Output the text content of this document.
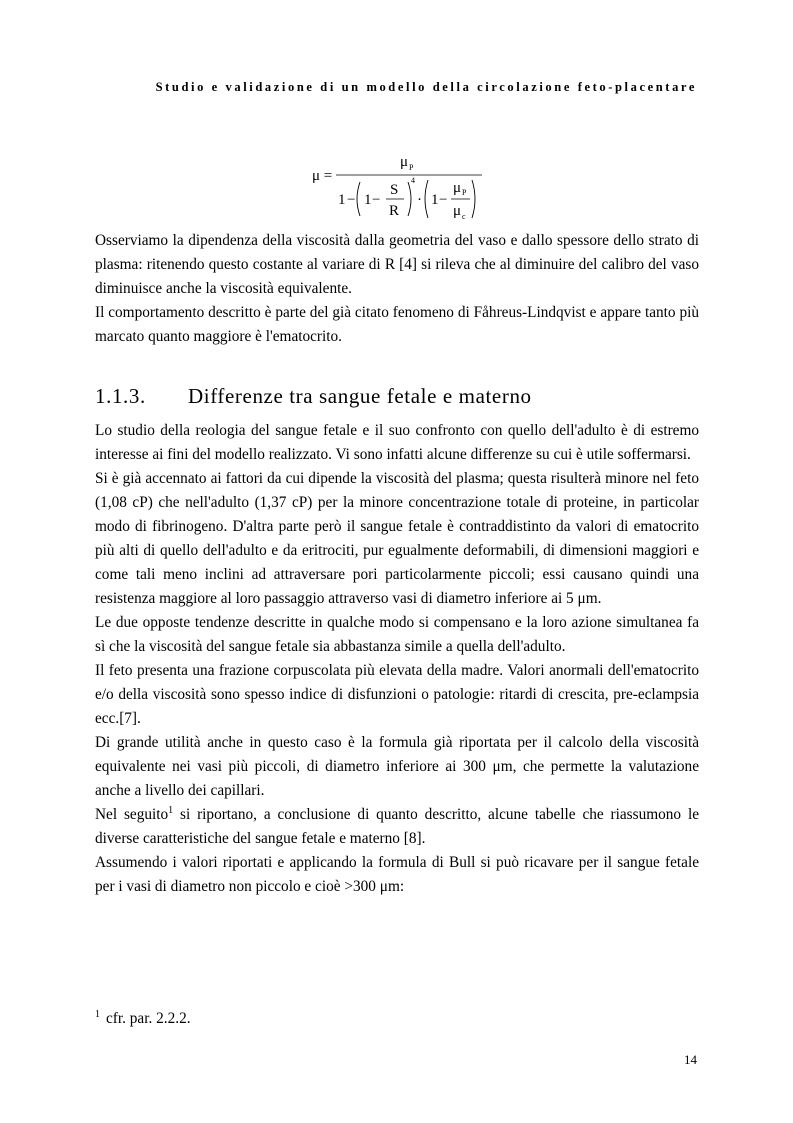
Studio e validazione di un modello della circolazione feto-placentare
μ =
μ P
1 − 1 −
S
R
4
· 1 −
μ P
μ c

Osserviamo la dipendenza della viscosità dalla geometria del vaso e dallo spessore dello strato di plasma: ritenendo questo costante al variare di R [4] si rileva che al diminuire del calibro del vaso diminuisce anche la viscosità equivalente.

Il comportamento descritto è parte del già citato fenomeno di Fåhreus-Lindqvist e appare tanto più marcato quanto maggiore è l'ematocrito.

1.1.3. Differenze tra sangue fetale e materno

Lo studio della reologia del sangue fetale e il suo confronto con quello dell'adulto è di estremo interesse ai fini del modello realizzato. Vi sono infatti alcune differenze su cui è utile soffermarsi.

Si è già accennato ai fattori da cui dipende la viscosità del plasma; questa risulterà minore nel feto (1,08 cP) che nell'adulto (1,37 cP) per la minore concentrazione totale di proteine, in particolar modo di fibrinogeno. D'altra parte però il sangue fetale è contraddistinto da valori di ematocrito più alti di quello dell'adulto e da eritrociti, pur egualmente deformabili, di dimensioni maggiori e come tali meno inclini ad attraversare pori particolarmente piccoli; essi causano quindi una resistenza maggiore al loro passaggio attraverso vasi di diametro inferiore ai 5 μm.

Le due opposte tendenze descritte in qualche modo si compensano e la loro azione simultanea fa sì che la viscosità del sangue fetale sia abbastanza simile a quella dell'adulto.

Il feto presenta una frazione corpuscolata più elevata della madre. Valori anormali dell'ematocrito e/o della viscosità sono spesso indice di disfunzioni o patologie: ritardi di crescita, pre-eclampsia ecc.[7].

Di grande utilità anche in questo caso è la formula già riportata per il calcolo della viscosità equivalente nei vasi più piccoli, di diametro inferiore ai 300 μm, che permette la valutazione anche a livello dei capillari.

Nel seguito$^1$ si riportano, a conclusione di quanto descritto, alcune tabelle che riassumono le diverse caratteristiche del sangue fetale e materno [8].

Assumendo i valori riportati e applicando la formula di Bull si può ricavare per il sangue fetale per i vasi di diametro non piccolo e cioè >300 μm:

$^1$ cfr. par. 2.2.2.
14
